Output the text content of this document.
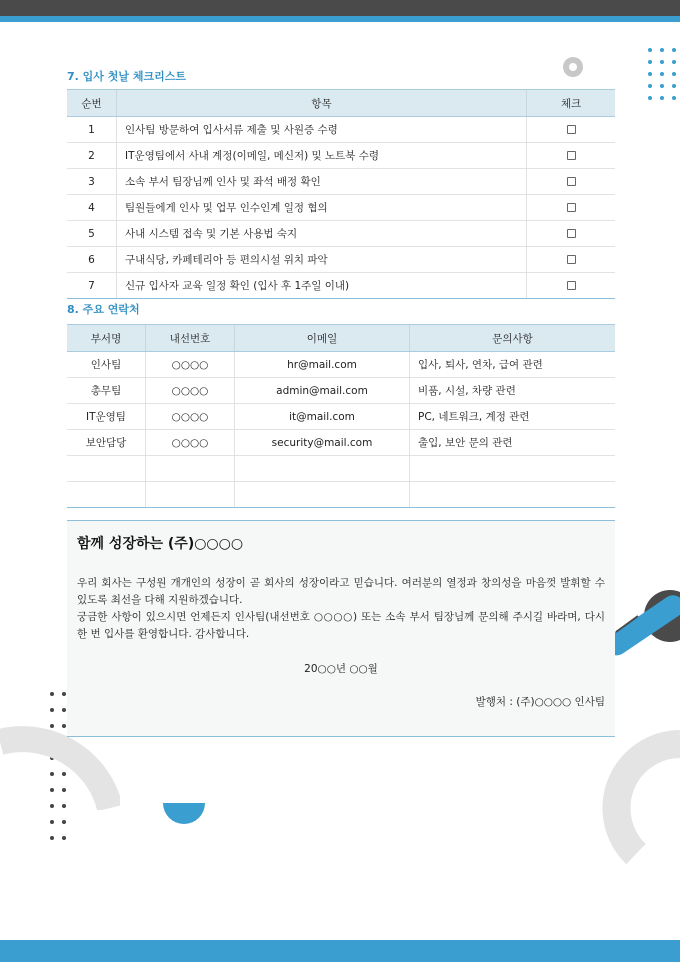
7. 입사 첫날 체크리스트
순번	항목	체크
1	인사팀 방문하여 입사서류 제출 및 사원증 수령	
2	IT운영팀에서 사내 계정(이메일, 메신저) 및 노트북 수령	
3	소속 부서 팀장님께 인사 및 좌석 배정 확인	
4	팀원들에게 인사 및 업무 인수인계 일정 협의	
5	사내 시스템 접속 및 기본 사용법 숙지	
6	구내식당, 카페테리아 등 편의시설 위치 파악	
7	신규 입사자 교육 일정 확인 (입사 후 1주일 이내)	
8. 주요 연락처
부서명	내선번호	이메일	문의사항
인사팀	○○○○	hr@mail.com	입사, 퇴사, 연차, 급여 관련
총무팀	○○○○	admin@mail.com	비품, 시설, 차량 관련
IT운영팀	○○○○	it@mail.com	PC, 네트워크, 계정 관련
보안담당	○○○○	security@mail.com	출입, 보안 문의 관련

함께 성장하는 (주)○○○○

우리 회사는 구성원 개개인의 성장이 곧 회사의 성장이라고 믿습니다. 여러분의 열정과 창의성을 마음껏 발휘할 수 있도록 최선을 다해 지원하겠습니다.

궁금한 사항이 있으시면 언제든지 인사팀(내선번호 ○○○○) 또는 소속 부서 팀장님께 문의해 주시길 바라며, 다시 한 번 입사를 환영합니다. 감사합니다.

20○○년 ○○월
발행처 : (주)○○○○ 인사팀
